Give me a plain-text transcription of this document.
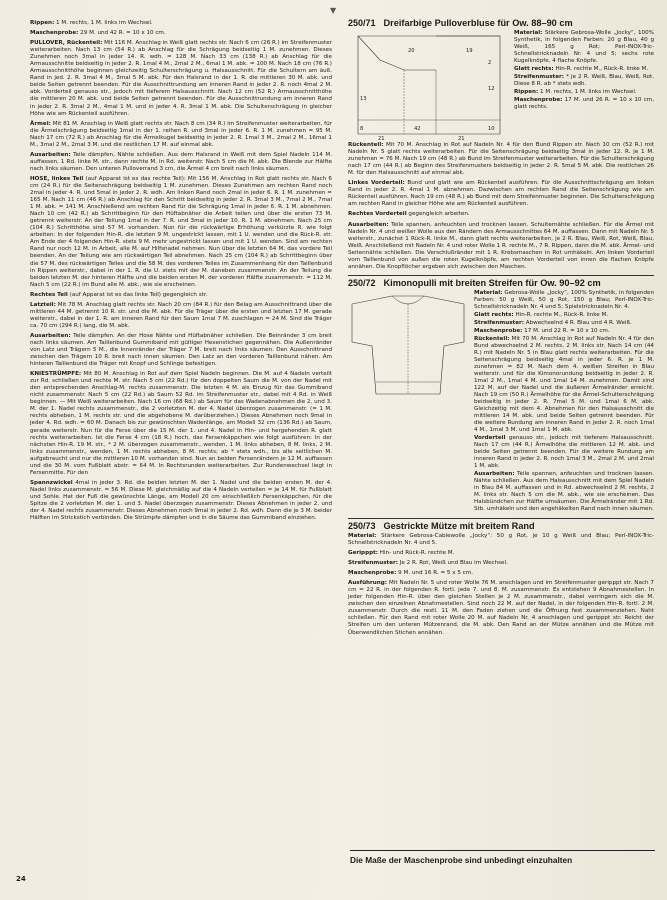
▼

Rippen: 1 M. rechts, 1 M. links im Wechsel.

Maschenprobe: 29 M. und 42 R. = 10 x 10 cm.

PULLOVER, Rückenteil: Mit 116 M. Anschlag in Weiß glatt rechts str. Nach 6 cm (26 R.) im Streifenmuster weiterarbeiten. Nach 13 cm (54 R.) ab Anschlag für die Schrägung beidseitig 1 M. zunehmen. Dieses Zunehmen noch 3mal in jeder 14. R. wdh. = 128 M. Nach 33 cm (138 R.) ab Anschlag für die Armausschnitte beidseitig in jeder 2. R. 1mal 4 M., 2mal 2 M., 6mal 1 M. abk. = 100 M. Nach 18 cm (76 R.) Armausschnitthöhe beginnen gleichzeitig Schulterschrägung u. Halsausschnitt. Für die Schultern am äuß. Rand in jed. 2. R. 3mal 4 M., 3mal 5 M. abk. Für den Halsrand in der 1. R. die mittleren 30 M. abk. und beide Seiten getrennt beenden. Für die Ausschnittrundung am inneren Rand in jeder 2. R. noch 4mal 2 M. abk. Vorderteil genauso str., jedoch mit tieferem Halsausschnitt. Nach 12 cm (52 R.) Armausschnitthöhe die mittleren 20 M. abk. und beide Seiten getrennt beenden. Für die Ausschnittrundung am inneren Rand in jeder 2. R. 3mal 2 M., 4mal 1 M. und in jeder 4. R. 3mal 1 M. abk. Die Schulterschrägung in gleicher Höhe wie am Rückenteil ausführen.

Ärmel: Mit 81 M. Anschlag in Weiß glatt rechts str. Nach 8 cm (34 R.) im Streifenmuster weiterarbeiten, für die Ärmelschrägung beidseitig 1mal in der 1. reihen R. und 3mal in jeder 6. R. 1 M. zunehmen = 95 M. Nach 17 cm (72 R.) ab Anschlag für die Ärmelkugel beidseitig in jeder 2. R. 1mal 3 M., 2mal 2 M., 16mal 1 M., 3mal 2 M., 2mal 3 M. und die restlichen 17 M. auf einmal abk.

Ausarbeiten: Teile dämpfen, Nähte schließen. Aus dem Halsrand in Weiß mit dem Spiel Nadeln 114 M. auffassen, 1 Rd. linke M. str., dann rechte M. in Rd. weiterstr. Nach 5 cm die M. abk. Die Blende zur Hälfte nach links säumen. Den unteren Pulloverrand 3 cm, die Ärmel 4 cm breit nach links säumen.

HOSE, linkes Teil (auf Apparat ist es das rechte Teil): Mit 156 M. Anschlag in Rot glatt rechts str. Nach 6 cm (24 R.) für die Seitenschrägung beidseitig 1 M. zunehmen. Dieses Zunehmen am rechten Rand noch 2mal in jeder 4. R. und 5mal in jeder 2. R. wdh. Am linken Rand noch 2mal in jeder 6. R. 1 M. zunehmen = 165 M. Nach 11 cm (46 R.) ab Anschlag für den Schritt beidseitig in jeder 2. R. 3mal 3 M., 7mal 2 M., 7mal 1 M. abk. = 141 M. Anschließend am rechten Rand für die Schrägung 1mal in jeder 6. R. 1 M. abnehmen. Nach 10 cm (42 R.) ab Schrittbeginn für den Hüftabnäher die Arbeit teilen und über die ersten 73 M. getrennt weiterstr. An der Teilung 1mal in der 7. R. und 3mal in jeder 10. R. 1 M. abnehmen. Nach 25 cm (104 R.) Schritthöhe sind 57 M. vorhanden. Nun für die rückwärtige Erhöhung verkürzte R. wie folgt arbeiten: In der folgenden Hin-R. die letzten 9 M. ungestrickt lassen, mit 1 U. wenden und die Rück-R. str. Am Ende der 4 folgenden Hin-R. stets 9 M. mehr ungestrickt lassen und mit 1 U. wenden. Sind am rechten Rand nur noch 12 M. in Arbeit, alle M. auf Hilfsnadel nehmen. Nun über die letzten 64 M. das vordere Teil beenden. An der Teilung wie am rückwärtigen Teil abnehmen. Nach 25 cm (104 R.) ab Schrittbeginn über die 57 M. des rückwärtigen Teiles und die 58 M. des vorderen Teiles im Zusammenhang für den Taillenbund in Rippen weiterstr., dabei in der 1. R. die U. stets mit der M. daneben zusammenstr. An der Teilung die beiden letzten M. der hinteren Hälfte und die beiden ersten M. der vorderen Hälfte zusammenstr. = 112 M. Nach 5 cm (22 R.) im Bund alle M. abk., wie sie erscheinen.

Rechtes Teil (auf Apparat ist es das linke Teil) gegengleich str.

Latzteil: Mit 78 M. Anschlag glatt rechts str. Nach 20 cm (84 R.) für den Belag am Ausschnittrand über die mittleren 44 M. getrennt 10 R. str. und die M. abk. Für die Träger über die ersten und letzten 17 M. gerade weiterstr., dabei in der 1. R. am inneren Rand für den Saum 1mal 7 M. zuschlagen = 24 M. Sind die Träger ca. 70 cm (294 R.) lang, die M. abk.

Ausarbeiten: Teile dämpfen. An der Hose Nähte und Hüftabnäher schließen. Die Beinränder 3 cm breit nach links säumen. Am Taillenbund Gummiband mit gültiger Hexenstichen gegennähen. Die Außenränder von Latz und Trägern 5 M., die Innenränder der Träger 7 M. breit nach links säumen. Den Ausschnittrand zwischen den Trägern 10 R. breit nach innen säumen. Den Latz an den vorderen Taillenbund nähen. Am hinteren Taillenbund die Träger mit Knopf und Schlinge befestigen.

KNIESTRÜMPFE: Mit 80 M. Anschlag in Rot auf dem Spiel Nadeln beginnen. Die M. auf 4 Nadeln verteilt zur Rd. schließen und rechte M. str. Nach 5 cm (22 Rd.) für den doppelten Saum die M. von der Nadel mit den entsprechenden Anschlag-M. rechts zusammenstr. Die letzten 4 M. als Einzug für das Gummiband nicht zusammenstr. Nach 5 cm (22 Rd.) ab Saum 52 Rd. im Streifenmuster str., dabei mit 4 Rd. in Weiß beginnen. — Mit Weiß weiterarbeiten. Nach 16 cm (68 Rd.) ab Saum für das Wadenabnehmen die 2. und 3. M. der 1. Nadel rechts zusammenstr., die 2 vorletzten M. der 4. Nadel überzogen zusammenstr. (= 1 M. rechts abheben, 1 M. rechts str. und die abgehobene M. darüberziehen.) Dieses Abnehmen noch 9mal in jeder 4. Rd. wdh. = 60 M. Danach bis zur gewünschten Wadenlänge, am Modell 32 cm (136 Rd.) ab Saum, gerade weiterstr. Nun für die Ferse über die 15 M. der 1. und 4. Nadel in Hin- und hergehenden R. glatt rechts weiterarbeiten. Ist die Ferse 4 cm (18 R.) hoch, das Fersenkäppchen wie folgt ausführen: In der nächsten Hin-R. 19 M. str., * 2 M. überzogen zusammenstr., wenden, 1 M. links abheben, 8 M. links, 2 M. links zusammenstr., wenden, 1 M. rechts abheben, 8 M. rechts; ab * stets wdh., bis alle seitlichen M. aufgebraucht und nur die mittleren 10 M. vorhanden sind. Nun an beiden Fersenrändern je 12 M. auffassen und die 30 M. vom Fußblatt abstr. = 64 M. In Rechtsrunden weiterarbeiten. Zur Rundenwechsel liegt in Fersenmitte. Für den

Spannzwickel 4mal in jeder 3. Rd. die beiden letzten M. der 1. Nadel und die beiden ersten M. der 4. Nadel links zusammenstr. = 56 M. Diese M. gleichmäßig auf die 4 Nadeln verteilen = je 14 M. für Fußblatt und Sohle. Hat der Fuß die gewünschte Länge, am Modell 20 cm einschließlich Fersenkäppchen, für die Spitze die 2 vorletzten M. der 1. und 3. Nadel überzogen zusammenstr. Dieses Abnehmen in jeder 2. und der 4. Nadel rechts zusammenstr. Dieses Abnehmen noch 9mal in jeder 2. Rd. wdh. Dann die je 3 M. beider Hälften im Strickstich verbinden. Die Strümpfe dämpfen und in die Säume das Gummiband einziehen.

250/71 Dreifarbige Pulloverbluse für Ow. 88–90 cm
19
2
20
12
42
21	21
8
13
10

Material: Stärkere Gebrosa-Wolle „Jocky“, 100% Synthetik, in folgenden Farben: 20 g Blau, 40 g Weiß, 165 g Rot; Perl-INOX-Tric-Schnellstricknadeln Nr. 4 und 5; sechs rote Kugelknöpfe, 4 flache Knöpfe.

Glatt rechts: Hin-R. rechte M., Rück-R. linke M.

Streifenmuster: * je 2 R. Weiß, Blau, Weiß, Rot. Diese 8 R. ab * stets wdh.

Rippen: 1 M. rechts, 1 M. links im Wechsel.

Maschenprobe: 17 M. und 26 R. = 10 x 10 cm, glatt rechts.

Rückenteil: Mit 70 M. Anschlag in Rot auf Nadeln Nr. 4 für den Bund Rippen str. Nach 10 cm (52 R.) mit Nadeln Nr. 5 glatt rechts weiterarbeiten. Für die Seitenschrägung beidseitig 3mal in jeder 12. R. je 1 M. zunehmen = 76 M. Nach 19 cm (48 R.) ab Bund im Streifenmuster weiterarbeiten. Für die Schulterschrägung nach 17 cm (44 R.) ab Beginn des Streifenmusters beidseitig in jeder 2. R. 5mal 5 M. abk. Die restlichen 26 M. für den Halsausschnitt auf einmal abk.

Linkes Vorderteil: Bund und glatt wie am Rückenteil ausführen. Für die Ausschnittschrägung am linken Rand in jeder 2. R. 4mal 1 M. abnehmen. Dazwischen am rechten Rand die Seitenschrägung wie am Rückenteil ausführen. Nach 19 cm (48 R.) ab Bund mit dem Streifenmuster beginnen. Die Schulterschrägung am rechten Rand in gleicher Höhe wie am Rückenteil ausführen.

Rechtes Vorderteil gegengleich arbeiten.

Ausarbeiten: Teile spannen, anfeuchten und trocknen lassen. Schulternähte schließen. Für die Ärmel mit Nadeln Nr. 4 und weißer Wolle aus den Rändern des Armausschnittes 64 M. auffassen. Dann mit Nadeln Nr. 5 weiterstr., zunächst 1 Rück-R. linke M., dann glatt rechts weiterarbeiten, je 2 R. Blau, Weiß, Rot, Weiß, Blau, Weiß. Anschließend mit Nadeln Nr. 4 und roter Wolle 1 R. rechte M., 7 R. Rippen, dann die M. abk. Ärmel- und Seitennähte schließen. Die Verschlußränder mit 1 R. Krebsmaschen in Rot umhäkeln. Am linken Vorderteil vom Taillenbund von außen die roten Kugelknöpfe, am rechten Vorderteil von innen die flachen Knöpfe annähen. Die Knopflöcher ergeben sich zwischen den Maschen.

250/72 Kimonopulli mit breiten Streifen für Ow. 90–92 cm

Material: Gebrosa-Wolle „Jocky“, 100% Synthetik, in folgenden Farben: 50 g Weiß, 50 g Rot, 150 g Blau; Perl-INOX-Tric-Schnellstricknadeln Nr. 4 und 5; Spielstricknadeln Nr. 4.

Glatt rechts: Hin-R. rechte M., Rück-R. linke M.

Streifenmuster: Abwechselnd 4 R. Blau und 4 R. Weiß.

Maschenprobe: 17 M. und 22 R. = 10 x 10 cm.

Rückenteil: Mit 70 M. Anschlag in Rot auf Nadeln Nr. 4 für den Bund abwechselnd 2 M. rechts, 2 M. links str. Nach 14 cm (44 R.) mit Nadeln Nr. 5 in Blau glatt rechts weiterarbeiten. Für die Seitenschrägung beidseitig 4mal in jeder 6. R. je 1 M. zunehmen = 82 M. Nach dem 4. weißen Streifen in Blau weiterstr. und für die Kimonorundung beidseitig in jeder 2. R. 1mal 2 M., 1mal 4 M. und 1mal 14 M. zunehmen. Damit sind 122 M. auf der Nadel und die äußeren Ärmelränder erreicht. Nach 19 cm (50 R.) Ärmelhöhe für die Ärmel-Schulterschrägung beidseitig in jeder 2. R. 7mal 5 M. und 1mal 6 M. abk. Gleichzeitig mit dem 4. Abnehmen für den Halsausschnitt die mittleren 14 M. abk. und beide Seiten getrennt beenden. Für die weitere Rundung am inneren Rand in jeder 2. R. noch 1mal 4 M., 1mal 3 M. und 1mal 1 M. abk.

Vorderteil genauso str., jedoch mit tieferem Halsausschnitt. Nach 17 cm (44 R.) Ärmelhöhe die mittleren 12 M. abk. und beide Seiten getrennt beenden. Für die weitere Rundung am inneren Rand in jeder 2. R. noch 1mal 3 M., 2mal 2 M. und 2mal 1 M. abk.

Ausarbeiten: Teile spannen, anfeuchten und trocknen lassen. Nähte schließen. Aus dem Halsausschnitt mit dem Spiel Nadeln in Blau 84 M. auffassen und in Rd. abwechselnd 2 M. rechts, 2 M. links str. Nach 5 cm die M. abk., wie sie erscheinen. Das Halsbündchen zur Hälfte umsäumen. Die Ärmelränder mit 1 Rd. Stb. umhäkeln und den angehäkelten Rand nach innen säumen.

250/73 Gestrickte Mütze mit breitem Rand

Material: Stärkere Gebrosa-Cablewolle „Jocky“: 50 g Rot, je 10 g Weiß und Blau; Perl-INOX-Tric-Schnellstricknadeln Nr. 4 und 5.

Geripppt: Hin- und Rück-R. rechte M.

Streifenmuster: Je 2 R. Rot, Weiß und Blau im Wechsel.

Maschenprobe: 9 M. und 16 R. = 5 x 5 cm.

Ausführung: Mit Nadeln Nr. 5 und roter Wolle 76 M. anschlagen und im Streifenmuster geripppt str. Nach 7 cm = 22 R. in der folgenden R. fortl. jede 7. und 8. M. zusammenstr. Es entstehen 9 Abnahmestellen. In jeder folgenden Hin-R. über den gleichen Stellen je 2 M. zusammenstr., dabei verringern sich die M. zwischen den einzelnen Abnahmestellen. Sind noch 22 M. auf der Nadel, in der folgenden Hin-R. fortl. 2 M. zusammenstr. Durch die restl. 11 M. den Faden ziehen und die Öffnung fest zusammenziehen. Naht schließen. Für den Rand mit roter Wolle 20 M. auf Nadeln Nr. 4 anschlagen und geripppt str. Reicht der Streifen um den unteren Mützenrand, die M. abk. Den Rand an der Mütze annähen und die Mütze mit Überwendlichen Stichen annähen.

Die Maße der Maschenprobe sind unbedingt einzuhalten
24
